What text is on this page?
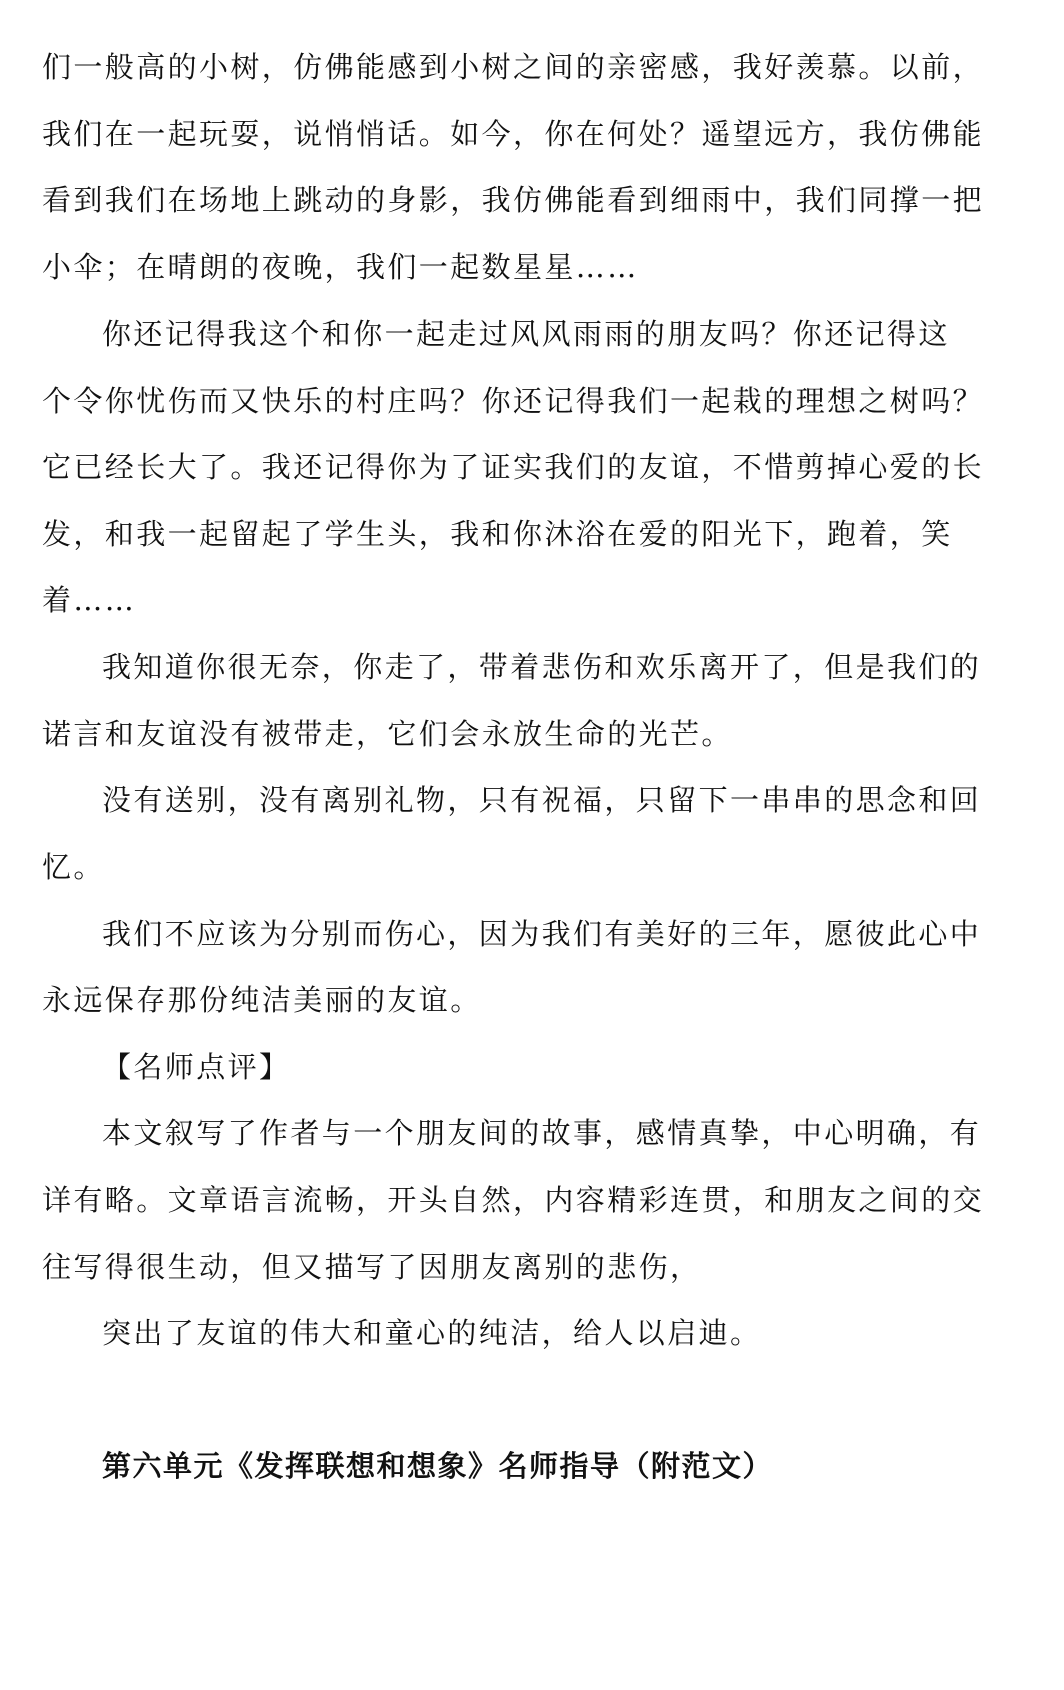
们一般高的小树，仿佛能感到小树之间的亲密感，我好羡慕。以前，
我们在一起玩耍，说悄悄话。如今，你在何处？遥望远方，我仿佛能
看到我们在场地上跳动的身影，我仿佛能看到细雨中，我们同撑一把
小伞；在晴朗的夜晚，我们一起数星星……
你还记得我这个和你一起走过风风雨雨的朋友吗？你还记得这
个令你忧伤而又快乐的村庄吗？你还记得我们一起栽的理想之树吗？
它已经长大了。我还记得你为了证实我们的友谊，不惜剪掉心爱的长
发，和我一起留起了学生头，我和你沐浴在爱的阳光下，跑着，笑
着……
我知道你很无奈，你走了，带着悲伤和欢乐离开了，但是我们的
诺言和友谊没有被带走，它们会永放生命的光芒。
没有送别，没有离别礼物，只有祝福，只留下一串串的思念和回
忆。
我们不应该为分别而伤心，因为我们有美好的三年，愿彼此心中
永远保存那份纯洁美丽的友谊。
【名师点评】
本文叙写了作者与一个朋友间的故事，感情真挚，中心明确，有
详有略。文章语言流畅，开头自然，内容精彩连贯，和朋友之间的交
往写得很生动，但又描写了因朋友离别的悲伤，
突出了友谊的伟大和童心的纯洁，给人以启迪。
第六单元《发挥联想和想象》名师指导（附范文）
